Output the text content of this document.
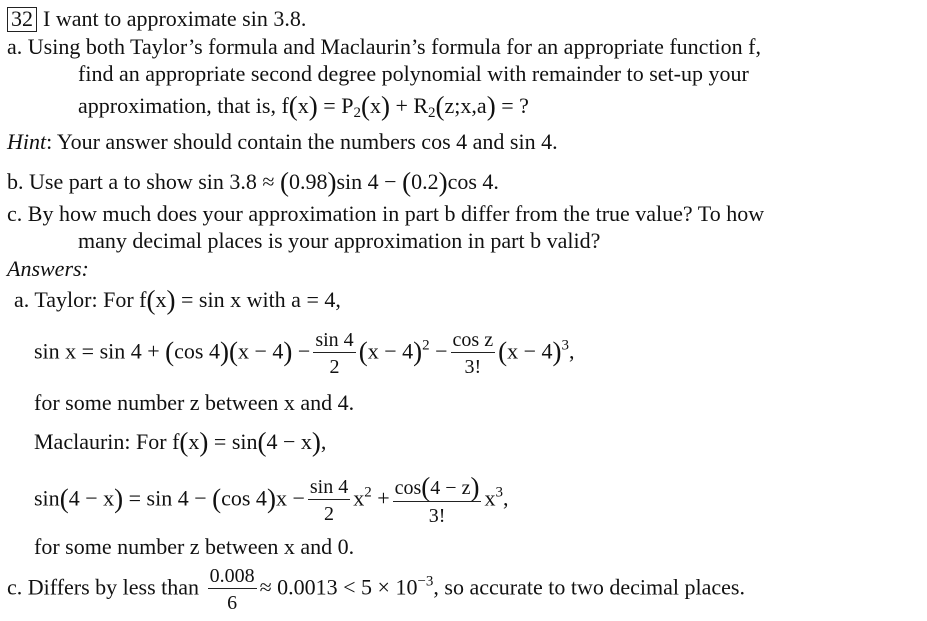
32 I want to approximate sin 3.8.
a. Using both Taylor’s formula and Maclaurin’s formula for an appropriate function f,
find an appropriate second degree polynomial with remainder to set-up your
approximation, that is, $f(x) = P_2(x)$ + $R_2(z;x,a)$ = ?
Hint: Your answer should contain the numbers cos 4 and sin 4.
b. Use part a to show sin 3.8 ≈ (0.98)sin 4 − (0.2)cos 4.
c. By how much does your approximation in part b differ from the true value? To how
many decimal places is your approximation in part b valid?
Answers:
a. Taylor: For f(x) = sin x with a = 4,
sin x = sin 4 + (cos $4)(x - 4) - \frac{\sin 4}{2} (x - 4)^2 - \frac{\text{cos z}}{3!} (x - 4)^3$,
for some number z between x and 4.
Maclaurin: For f(x) = sin(4 − x),
sin(4 − x) = sin 4 − (cos $4)x - \frac{\sin 4}{2} x^2 + \frac{\cos(4 - z)}{3!} x^3$,
for some number z between x and 0.
c. Differs by less than $\frac{0.008}{6} \approx 0.0013 < 5 \times 10^{-3}$, so accurate to two decimal places.
